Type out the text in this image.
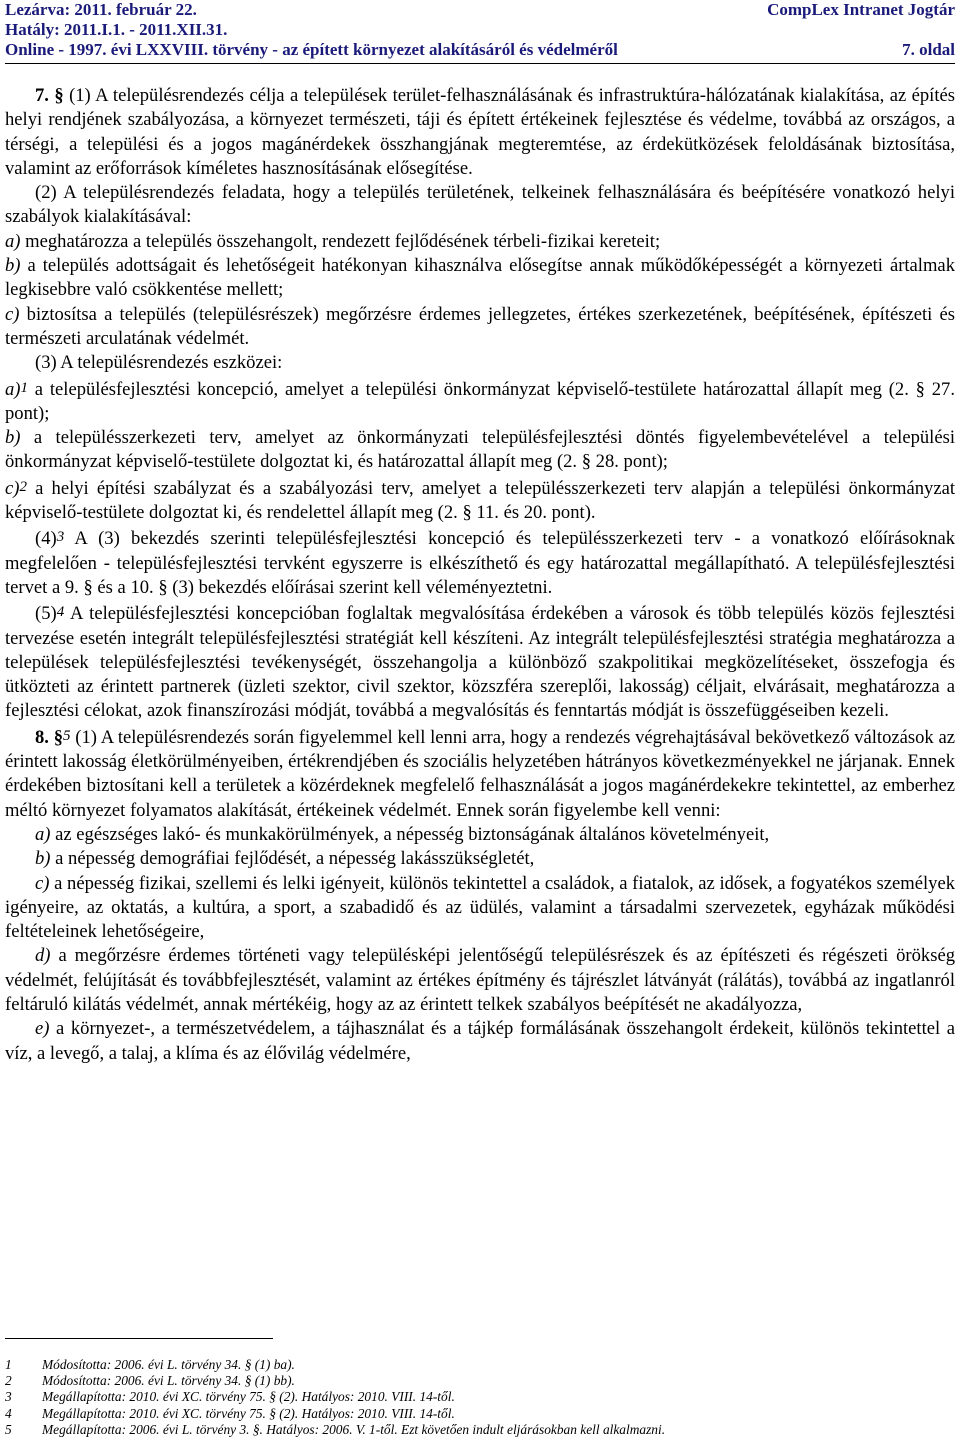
Lezárva: 2011. február 22.	CompLex Intranet Jogtár
Hatály: 2011.I.1. - 2011.XII.31.
Online - 1997. évi LXXVIII. törvény - az épített környezet alakításáról és védelméről	7. oldal

7. § (1) A településrendezés célja a települések terület-felhasználásának és infrastruktúra-hálózatának kialakítása, az építés helyi rendjének szabályozása, a környezet természeti, táji és épített értékeinek fejlesztése és védelme, továbbá az országos, a térségi, a települési és a jogos magánérdekek összhangjának megteremtése, az érdekütközések feloldásának biztosítása, valamint az erőforrások kíméletes hasznosításának elősegítése.

(2) A településrendezés feladata, hogy a település területének, telkeinek felhasználására és beépítésére vonatkozó helyi szabályok kialakításával:

a) meghatározza a település összehangolt, rendezett fejlődésének térbeli-fizikai kereteit;

b) a település adottságait és lehetőségeit hatékonyan kihasználva elősegítse annak működőképességét a környezeti ártalmak legkisebbre való csökkentése mellett;

c) biztosítsa a település (településrészek) megőrzésre érdemes jellegzetes, értékes szerkezetének, beépítésének, építészeti és természeti arculatának védelmét.

(3) A településrendezés eszközei:

a)1 a településfejlesztési koncepció, amelyet a települési önkormányzat képviselő-testülete határozattal állapít meg (2. § 27. pont);

b) a településszerkezeti terv, amelyet az önkormányzati településfejlesztési döntés figyelembevételével a települési önkormányzat képviselő-testülete dolgoztat ki, és határozattal állapít meg (2. § 28. pont);

c)2 a helyi építési szabályzat és a szabályozási terv, amelyet a településszerkezeti terv alapján a települési önkormányzat képviselő-testülete dolgoztat ki, és rendelettel állapít meg (2. § 11. és 20. pont).

(4)3 A (3) bekezdés szerinti településfejlesztési koncepció és településszerkezeti terv - a vonatkozó előírásoknak megfelelően - településfejlesztési tervként egyszerre is elkészíthető és egy határozattal megállapítható. A településfejlesztési tervet a 9. § és a 10. § (3) bekezdés előírásai szerint kell véleményeztetni.

(5)4 A településfejlesztési koncepcióban foglaltak megvalósítása érdekében a városok és több település közös fejlesztési tervezése esetén integrált településfejlesztési stratégiát kell készíteni. Az integrált településfejlesztési stratégia meghatározza a települések településfejlesztési tevékenységét, összehangolja a különböző szakpolitikai megközelítéseket, összefogja és ütközteti az érintett partnerek (üzleti szektor, civil szektor, közszféra szereplői, lakosság) céljait, elvárásait, meghatározza a fejlesztési célokat, azok finanszírozási módját, továbbá a megvalósítás és fenntartás módját is összefüggéseiben kezeli.

8. §5 (1) A településrendezés során figyelemmel kell lenni arra, hogy a rendezés végrehajtásával bekövetkező változások az érintett lakosság életkörülményeiben, értékrendjében és szociális helyzetében hátrányos következményekkel ne járjanak. Ennek érdekében biztosítani kell a területek a közérdeknek megfelelő felhasználását a jogos magánérdekekre tekintettel, az emberhez méltó környezet folyamatos alakítását, értékeinek védelmét. Ennek során figyelembe kell venni:

a) az egészséges lakó- és munkakörülmények, a népesség biztonságának általános követelményeit,

b) a népesség demográfiai fejlődését, a népesség lakásszükségletét,

c) a népesség fizikai, szellemi és lelki igényeit, különös tekintettel a családok, a fiatalok, az idősek, a fogyatékos személyek igényeire, az oktatás, a kultúra, a sport, a szabadidő és az üdülés, valamint a társadalmi szervezetek, egyházak működési feltételeinek lehetőségeire,

d) a megőrzésre érdemes történeti vagy településképi jelentőségű településrészek és az építészeti és régészeti örökség védelmét, felújítását és továbbfejlesztését, valamint az értékes építmény és tájrészlet látványát (rálátás), továbbá az ingatlanról feltáruló kilátás védelmét, annak mértékéig, hogy az az érintett telkek szabályos beépítését ne akadályozza,

e) a környezet-, a természetvédelem, a tájhasználat és a tájkép formálásának összehangolt érdekeit, különös tekintettel a víz, a levegő, a talaj, a klíma és az élővilág védelmére,

1	Módosította: 2006. évi L. törvény 34. § (1) ba).
2	Módosította: 2006. évi L. törvény 34. § (1) bb).
3	Megállapította: 2010. évi XC. törvény 75. § (2). Hatályos: 2010. VIII. 14-től.
4	Megállapította: 2010. évi XC. törvény 75. § (2). Hatályos: 2010. VIII. 14-től.
5	Megállapította: 2006. évi L. törvény 3. §. Hatályos: 2006. V. 1-től. Ezt követően indult eljárásokban kell alkalmazni.
